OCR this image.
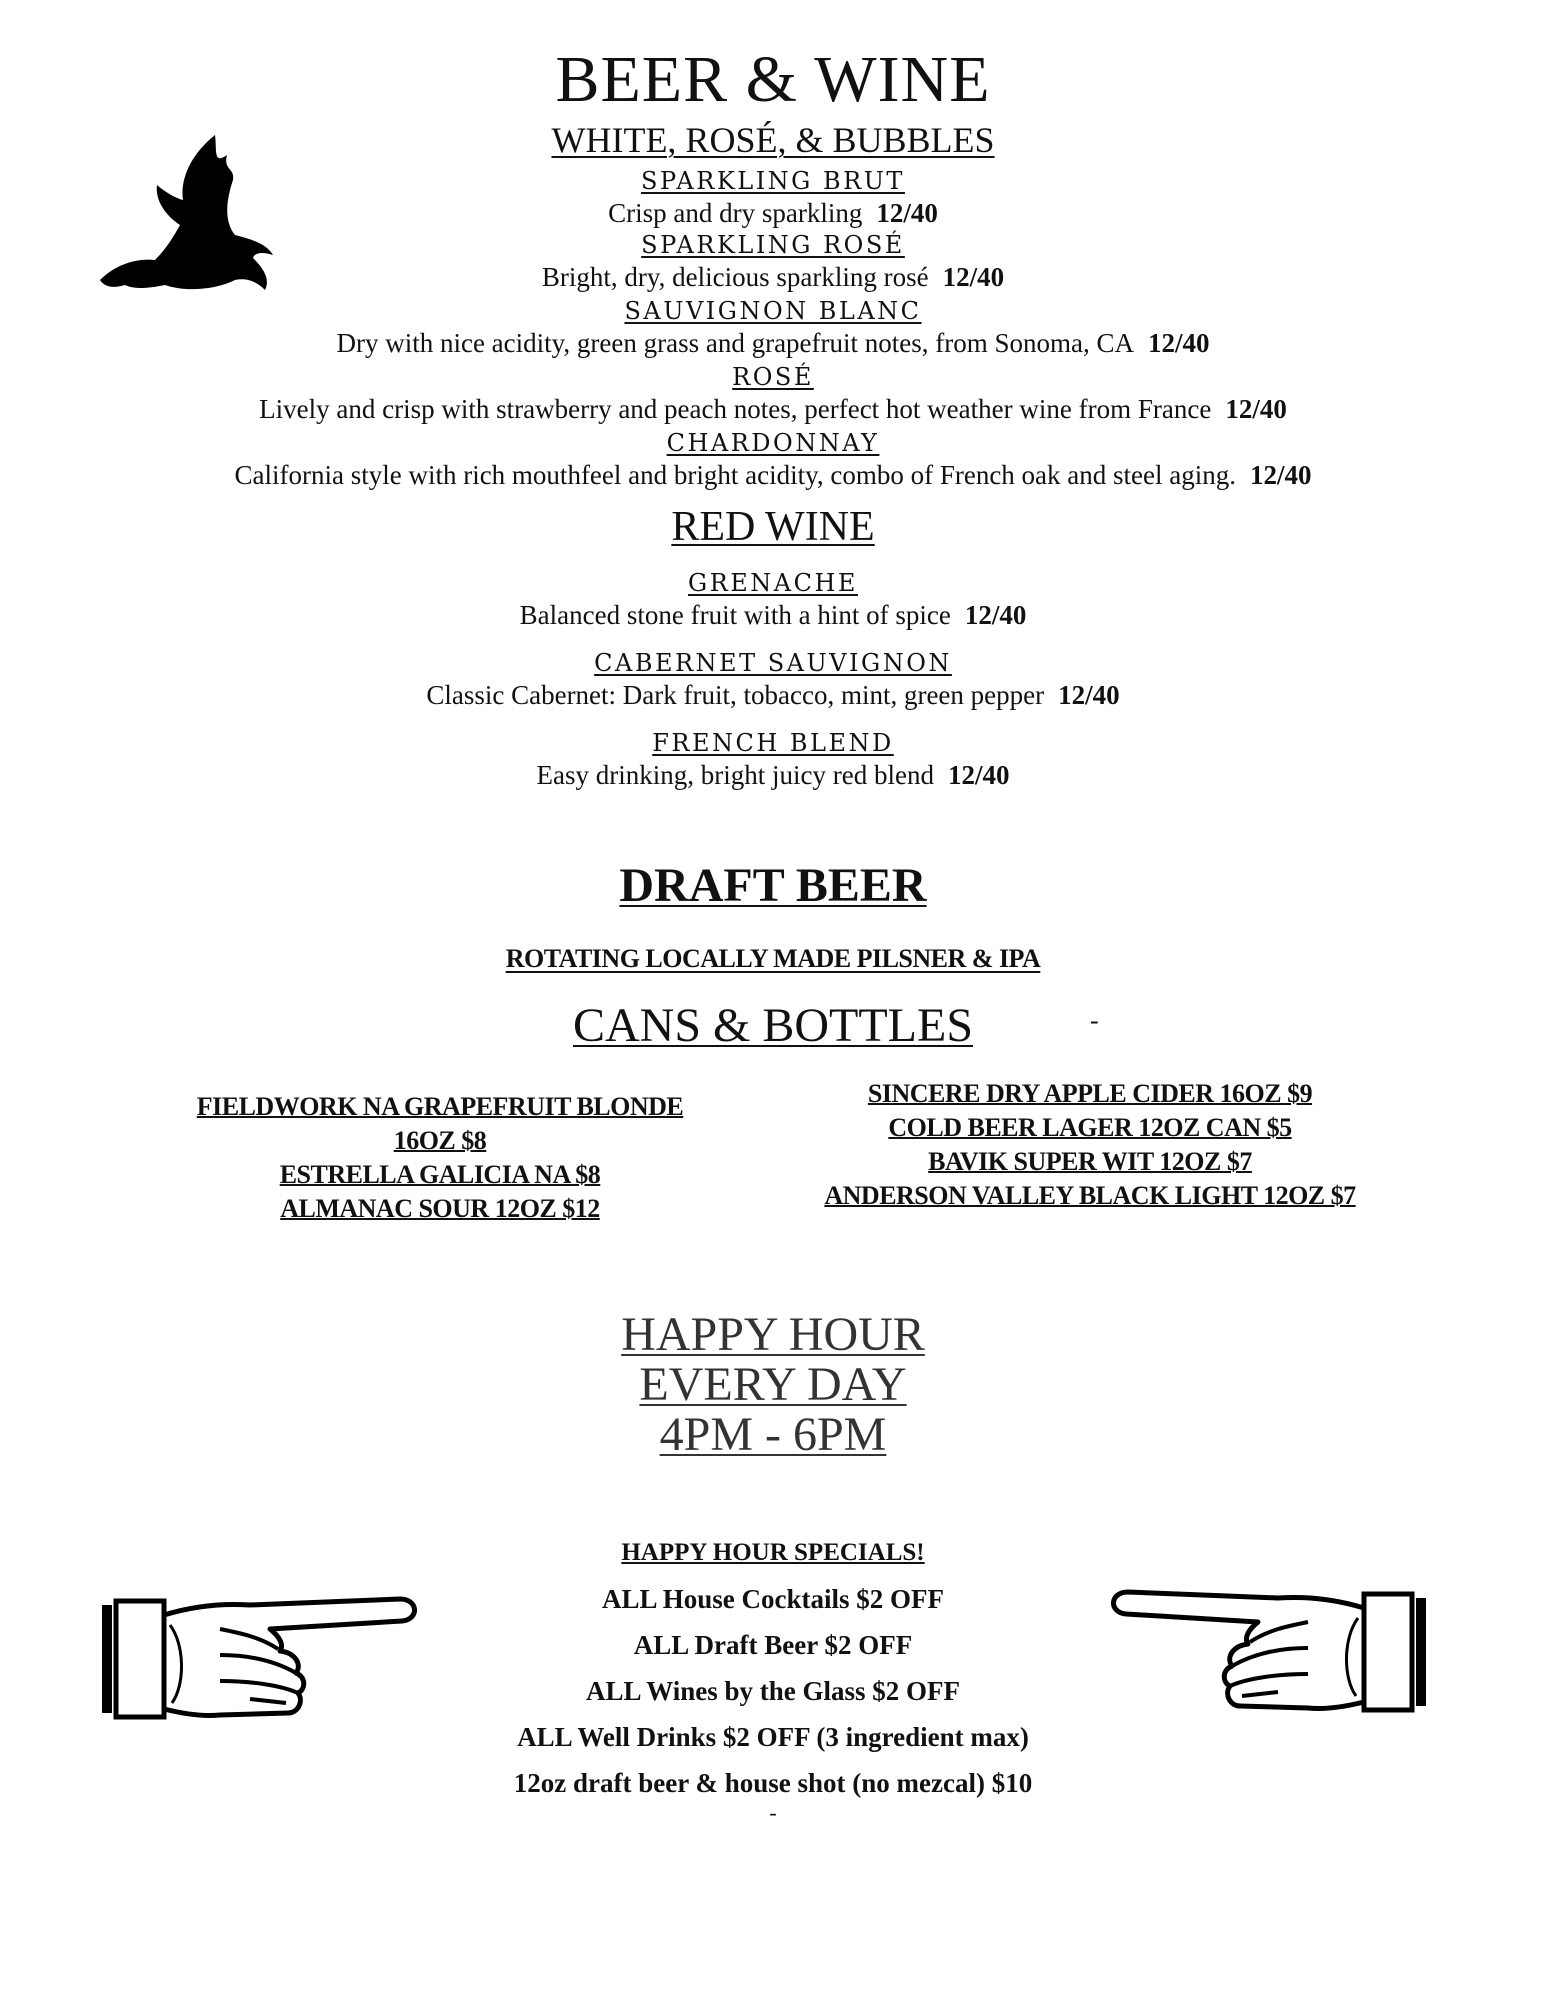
BEER & WINE
WHITE, ROSÉ, & BUBBLES
SPARKLING BRUT
Crisp and dry sparkling 12/40
SPARKLING ROSÉ
Bright, dry, delicious sparkling rosé 12/40
SAUVIGNON BLANC
Dry with nice acidity, green grass and grapefruit notes, from Sonoma, CA 12/40
ROSÉ
Lively and crisp with strawberry and peach notes, perfect hot weather wine from France 12/40
CHARDONNAY
California style with rich mouthfeel and bright acidity, combo of French oak and steel aging. 12/40
RED WINE
GRENACHE
Balanced stone fruit with a hint of spice 12/40
CABERNET SAUVIGNON
Classic Cabernet: Dark fruit, tobacco, mint, green pepper 12/40
FRENCH BLEND
Easy drinking, bright juicy red blend 12/40
DRAFT BEER
ROTATING LOCALLY MADE PILSNER & IPA
CANS & BOTTLES	-
FIELDWORK NA GRAPEFRUIT BLONDE
16OZ $8
ESTRELLA GALICIA NA $8
ALMANAC SOUR 12OZ $12
SINCERE DRY APPLE CIDER 16OZ $9
COLD BEER LAGER 12OZ CAN $5
BAVIK SUPER WIT 12OZ $7
ANDERSON VALLEY BLACK LIGHT 12OZ $7
HAPPY HOUR
EVERY DAY
4PM - 6PM
HAPPY HOUR SPECIALS!
ALL House Cocktails $2 OFF
ALL Draft Beer $2 OFF
ALL Wines by the Glass $2 OFF
ALL Well Drinks $2 OFF (3 ingredient max)
12oz draft beer & house shot (no mezcal) $10
-
